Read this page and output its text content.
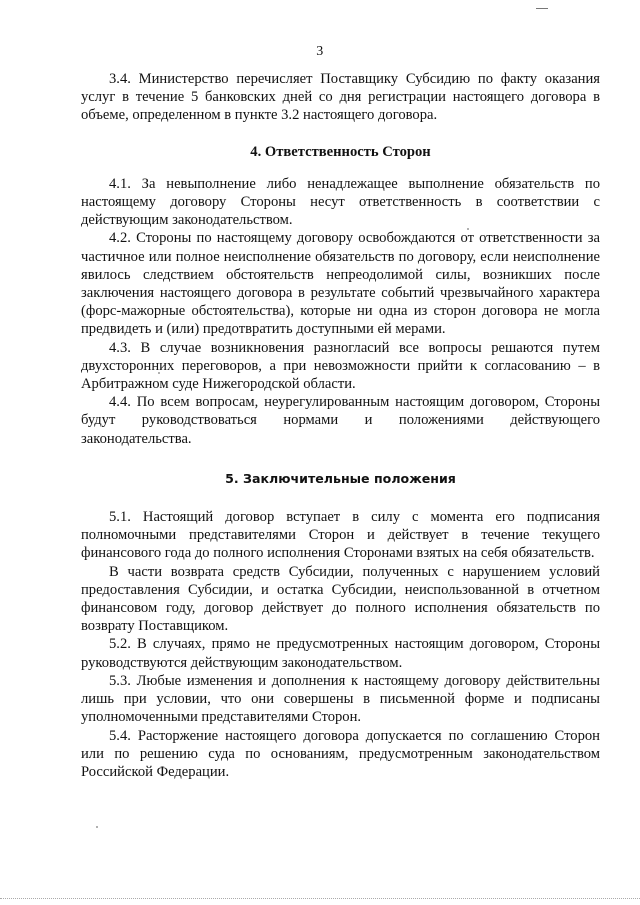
3

3.4. Министерство перечисляет Поставщику Субсидию по факту оказания услуг в течение 5 банковских дней со дня регистрации настоящего договора в объеме, определенном в пункте 3.2 настоящего договора.

4. Ответственность Сторон

4.1. За невыполнение либо ненадлежащее выполнение обязательств по настоящему договору Стороны несут ответственность в соответствии с действующим законодательством.

4.2. Стороны по настоящему договору освобождаются от ответственности за частичное или полное неисполнение обязательств по договору, если неисполнение явилось следствием обстоятельств непреодолимой силы, возникших после заключения настоящего договора в результате событий чрезвычайного характера (форс-мажорные обстоятельства), которые ни одна из сторон договора не могла предвидеть и (или) предотвратить доступными ей мерами.

4.3. В случае возникновения разногласий все вопросы решаются путем двухсторонних переговоров, а при невозможности прийти к согласованию – в Арбитражном суде Нижегородской области.

4.4. По всем вопросам, неурегулированным настоящим договором, Стороны будут руководствоваться нормами и положениями действующего законодательства.

5. Заключительные положения

5.1. Настоящий договор вступает в силу с момента его подписания полномочными представителями Сторон и действует в течение текущего финансового года до полного исполнения Сторонами взятых на себя обязательств.

В части возврата средств Субсидии, полученных с нарушением условий предоставления Субсидии, и остатка Субсидии, неиспользованной в отчетном финансовом году, договор действует до полного исполнения обязательств по возврату Поставщиком.

5.2. В случаях, прямо не предусмотренных настоящим договором, Стороны руководствуются действующим законодательством.

5.3. Любые изменения и дополнения к настоящему договору действительны лишь при условии, что они совершены в письменной форме и подписаны уполномоченными представителями Сторон.

5.4. Расторжение настоящего договора допускается по соглашению Сторон или по решению суда по основаниям, предусмотренным законодательством Российской Федерации.
